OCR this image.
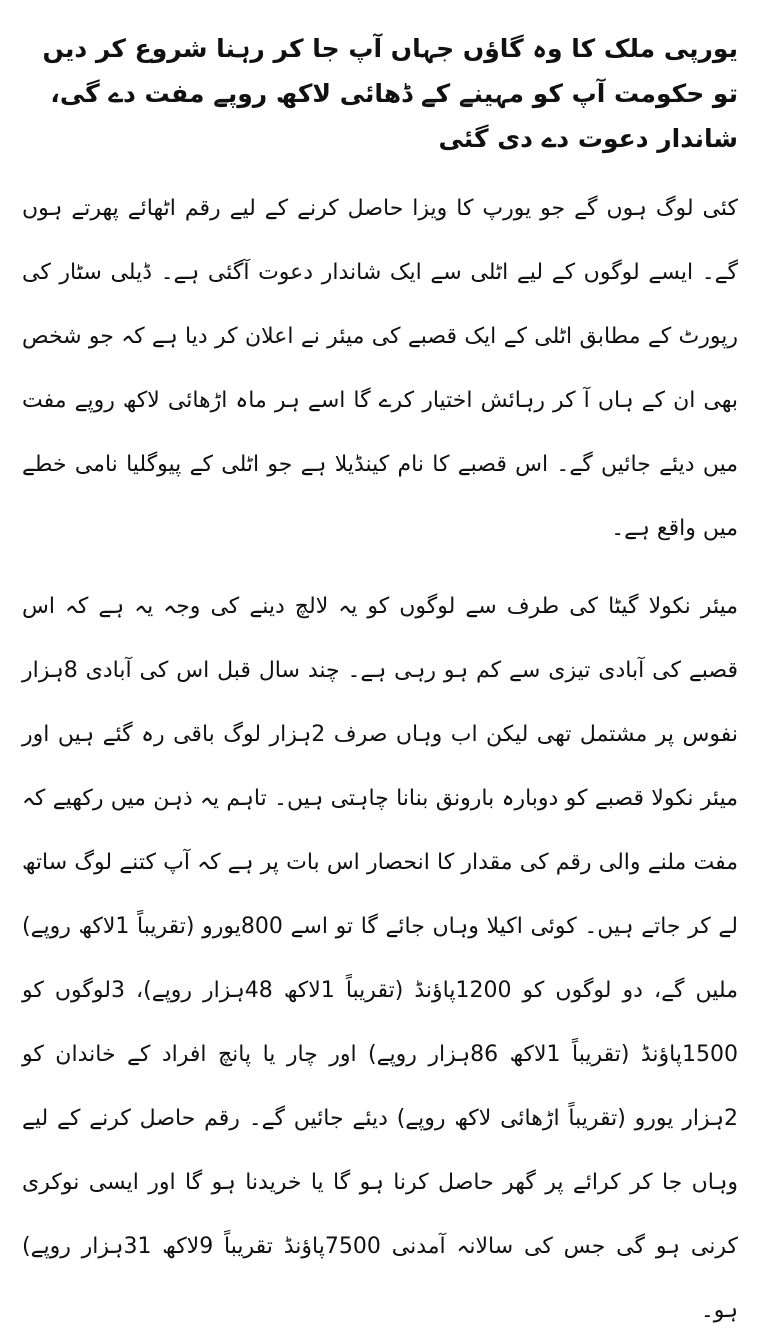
یورپی ملک کا وہ گاؤں جہاں آپ جا کر رہنا شروع کر دیں تو حکومت آپ کو مہینے کے ڈھائی لاکھ روپے مفت دے گی، شاندار دعوت دے دی گئی

کئی لوگ ہوں گے جو یورپ کا ویزا حاصل کرنے کے لیے رقم اٹھائے پھرتے ہوں گے۔ ایسے لوگوں کے لیے اٹلی سے ایک شاندار دعوت آگئی ہے۔ ڈیلی سٹار کی رپورٹ کے مطابق اٹلی کے ایک قصبے کی میئر نے اعلان کر دیا ہے کہ جو شخص بھی ان کے ہاں آ کر رہائش اختیار کرے گا اسے ہر ماہ اڑھائی لاکھ روپے مفت میں دیئے جائیں گے۔ اس قصبے کا نام کینڈیلا ہے جو اٹلی کے پیوگلیا نامی خطے میں واقع ہے۔

میئر نکولا گیٹا کی طرف سے لوگوں کو یہ لالچ دینے کی وجہ یہ ہے کہ اس قصبے کی آبادی تیزی سے کم ہو رہی ہے۔ چند سال قبل اس کی آبادی 8ہزار نفوس پر مشتمل تھی لیکن اب وہاں صرف 2ہزار لوگ باقی رہ گئے ہیں اور میئر نکولا قصبے کو دوبارہ بارونق بنانا چاہتی ہیں۔ تاہم یہ ذہن میں رکھیے کہ مفت ملنے والی رقم کی مقدار کا انحصار اس بات پر ہے کہ آپ کتنے لوگ ساتھ لے کر جاتے ہیں۔ کوئی اکیلا وہاں جائے گا تو اسے 800یورو (تقریباً 1لاکھ روپے) ملیں گے، دو لوگوں کو 1200پاؤنڈ (تقریباً 1لاکھ 48ہزار روپے)، 3لوگوں کو 1500پاؤنڈ (تقریباً 1لاکھ 86ہزار روپے) اور چار یا پانچ افراد کے خاندان کو 2ہزار یورو (تقریباً اڑھائی لاکھ روپے) دیئے جائیں گے۔ رقم حاصل کرنے کے لیے وہاں جا کر کرائے پر گھر حاصل کرنا ہو گا یا خریدنا ہو گا اور ایسی نوکری کرنی ہو گی جس کی سالانہ آمدنی 7500پاؤنڈ تقریباً 9لاکھ 31ہزار روپے) ہو۔
